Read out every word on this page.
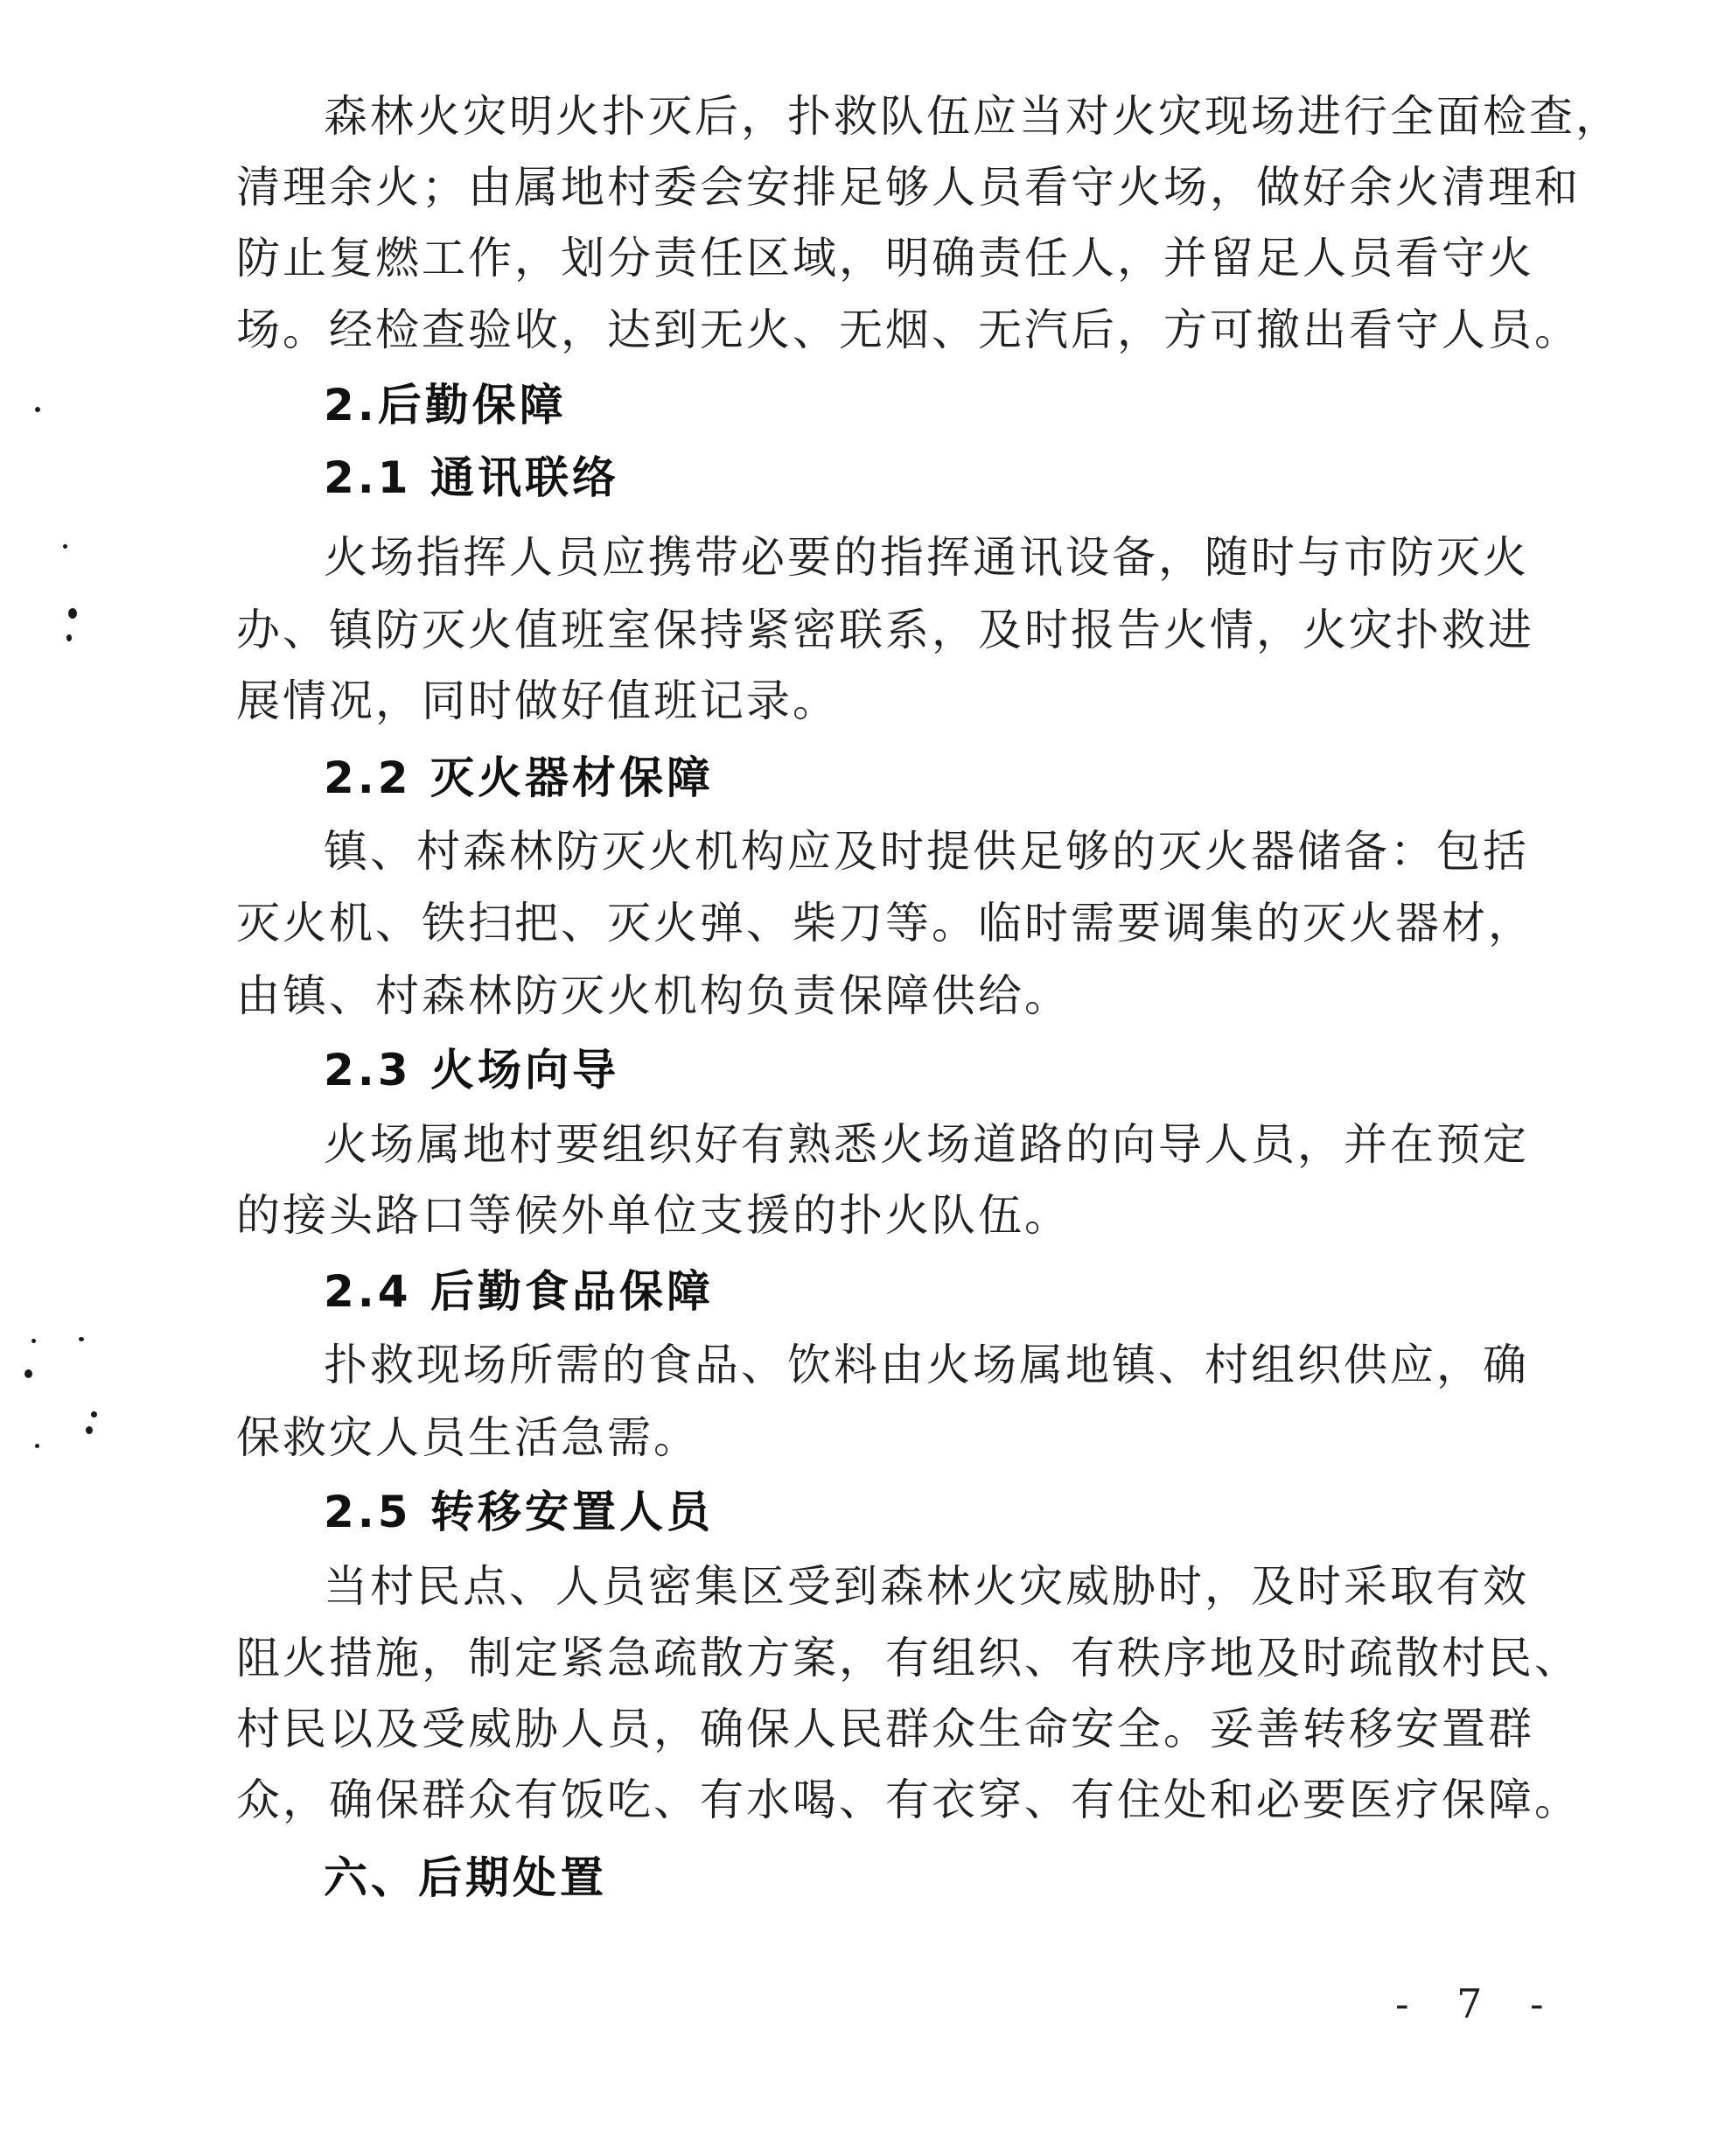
森林火灾明火扑灭后，扑救队伍应当对火灾现场进行全面检查，
清理余火；由属地村委会安排足够人员看守火场，做好余火清理和
防止复燃工作，划分责任区域，明确责任人，并留足人员看守火
场。经检查验收，达到无火、无烟、无汽后，方可撤出看守人员。
2.后勤保障
2.1 通讯联络
火场指挥人员应携带必要的指挥通讯设备，随时与市防灭火
办、镇防灭火值班室保持紧密联系，及时报告火情，火灾扑救进
展情况，同时做好值班记录。
2.2 灭火器材保障
镇、村森林防灭火机构应及时提供足够的灭火器储备：包括
灭火机、铁扫把、灭火弹、柴刀等。临时需要调集的灭火器材，
由镇、村森林防灭火机构负责保障供给。
2.3 火场向导
火场属地村要组织好有熟悉火场道路的向导人员，并在预定
的接头路口等候外单位支援的扑火队伍。
2.4 后勤食品保障
扑救现场所需的食品、饮料由火场属地镇、村组织供应，确
保救灾人员生活急需。
2.5 转移安置人员
当村民点、人员密集区受到森林火灾威胁时，及时采取有效
阻火措施，制定紧急疏散方案，有组织、有秩序地及时疏散村民、
村民以及受威胁人员，确保人民群众生命安全。妥善转移安置群
众，确保群众有饭吃、有水喝、有衣穿、有住处和必要医疗保障。
六、后期处置
- 7 -
